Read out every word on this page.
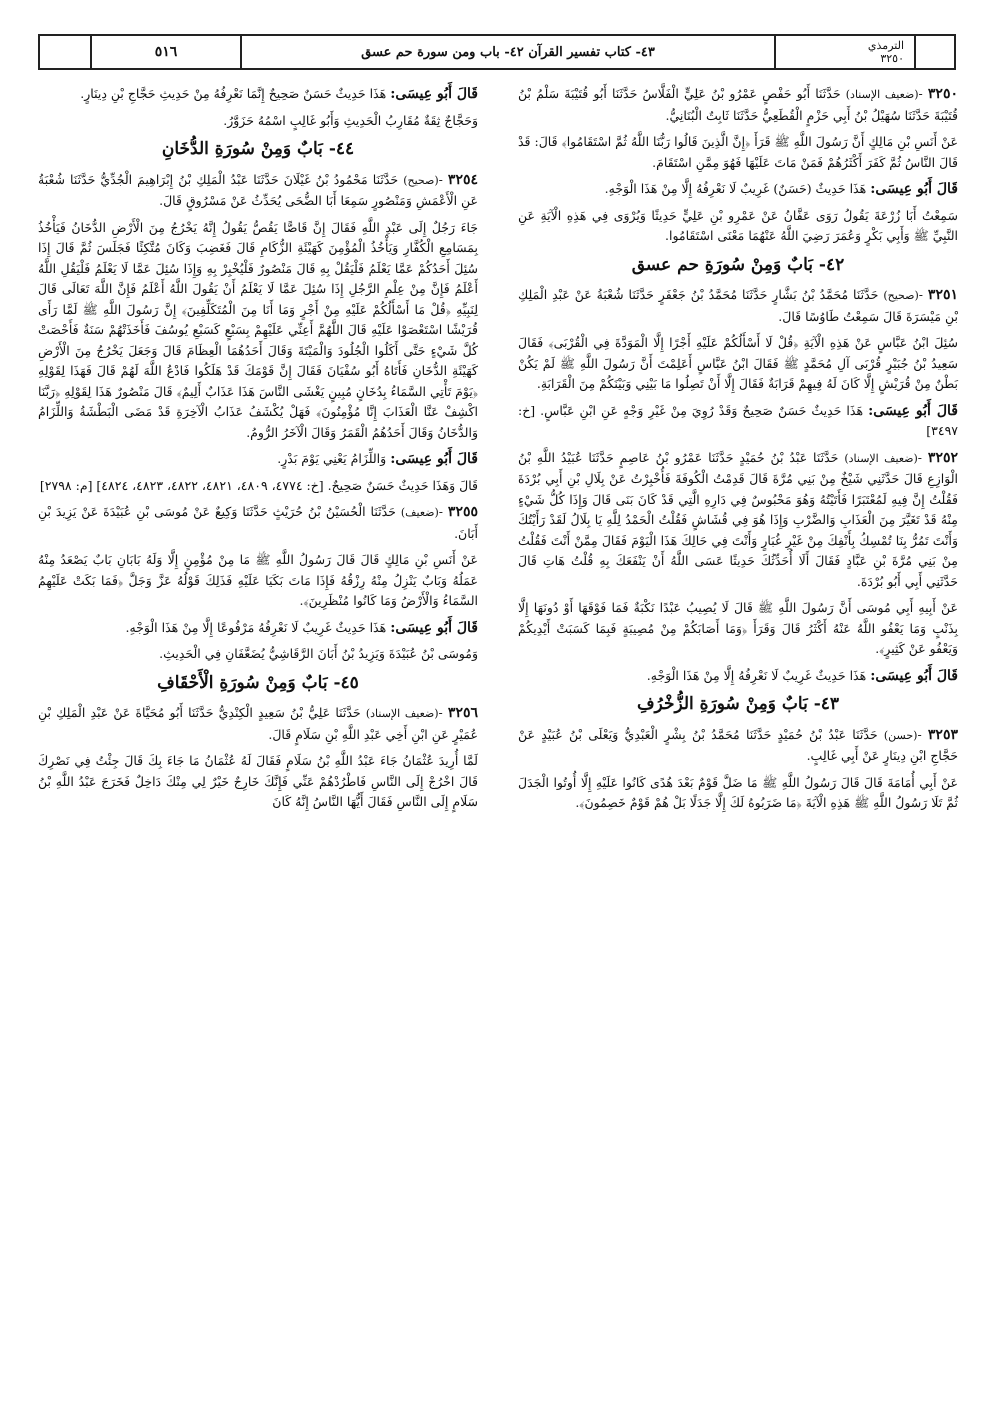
الترمذي
٣٢٥٠
٤٣- كتاب تفسير القرآن ٤٢- باب ومن سورة حم عسق
٥١٦

٣٢٥٠ -(ضعيف الإسناد) حَدَّثَنَا أَبُو حَفْصٍ عَمْرُو بْنُ عَلِيٍّ الْفَلَّاسُ حَدَّثَنَا أَبُو قُتَيْبَةَ سَلْمُ بْنُ قُتَيْبَةَ حَدَّثَنَا سُهَيْلُ بْنُ أَبِي حَزْمٍ الْقُطَعِيُّ حَدَّثَنَا ثَابِتٌ الْبُنَانِيُّ.

عَنْ أَنَسِ بْنِ مَالِكٍ أَنَّ رَسُولَ اللَّهِ ﷺ قَرَأَ ﴿إِنَّ الَّذِينَ قَالُوا رَبُّنَا اللَّهُ ثُمَّ اسْتَقَامُوا﴾ قَالَ: قَدْ قَالَ النَّاسُ ثُمَّ كَفَرَ أَكْثَرُهُمْ فَمَنْ مَاتَ عَلَيْهَا فَهُوَ مِمَّنِ اسْتَقَامَ.

قَالَ أَبُو عِيسَى: هَذَا حَدِيثٌ (حَسَنٌ) غَرِيبٌ لَا نَعْرِفُهُ إِلَّا مِنْ هَذَا الْوَجْهِ.

سَمِعْتُ أَبَا زُرْعَةَ يَقُولُ رَوَى عَفَّانُ عَنْ عَمْرِو بْنِ عَلِيٍّ حَدِيثًا وَيُرْوَى فِي هَذِهِ الْآيَةِ عَنِ النَّبِيِّ ﷺ وَأَبِي بَكْرٍ وَعُمَرَ رَضِيَ اللَّهُ عَنْهُمَا مَعْنَى اسْتَقَامُوا.

٤٢- بَابٌ وَمِنْ سُورَةِ حم عسق

٣٢٥١ -(صحيح) حَدَّثَنَا مُحَمَّدُ بْنُ بَشَّارٍ حَدَّثَنَا مُحَمَّدُ بْنُ جَعْفَرٍ حَدَّثَنَا شُعْبَةُ عَنْ عَبْدِ الْمَلِكِ بْنِ مَيْسَرَةَ قَالَ سَمِعْتُ طَاوُسًا قَالَ.

سُئِلَ ابْنُ عَبَّاسٍ عَنْ هَذِهِ الْآيَةِ ﴿قُلْ لَا أَسْأَلُكُمْ عَلَيْهِ أَجْرًا إِلَّا الْمَوَدَّةَ فِي الْقُرْبَى﴾ فَقَالَ سَعِيدُ بْنُ جُبَيْرٍ قُرْبَى آلِ مُحَمَّدٍ ﷺ فَقَالَ ابْنُ عَبَّاسٍ أَعَلِمْتَ أَنَّ رَسُولَ اللَّهِ ﷺ لَمْ يَكُنْ بَطْنٌ مِنْ قُرَيْشٍ إِلَّا كَانَ لَهُ فِيهِمْ قَرَابَةٌ فَقَالَ إِلَّا أَنْ تَصِلُوا مَا بَيْنِي وَبَيْنَكُمْ مِنَ الْقَرَابَةِ.

قَالَ أَبُو عِيسَى: هَذَا حَدِيثٌ حَسَنٌ صَحِيحٌ وَقَدْ رُوِيَ مِنْ غَيْرِ وَجْهٍ عَنِ ابْنِ عَبَّاسٍ. [خ: ٣٤٩٧]

٣٢٥٢ -(ضعيف الإسناد) حَدَّثَنَا عَبْدُ بْنُ حُمَيْدٍ حَدَّثَنَا عَمْرُو بْنُ عَاصِمٍ حَدَّثَنَا عُبَيْدُ اللَّهِ بْنُ الْوَازِعِ قَالَ حَدَّثَنِي شَيْخٌ مِنْ بَنِي مُرَّةَ قَالَ قَدِمْتُ الْكُوفَةَ فَأُخْبِرْتُ عَنْ بِلَالِ بْنِ أَبِي بُرْدَةَ فَقُلْتُ إِنَّ فِيهِ لَمُعْتَبَرًا فَأَتَيْتُهُ وَهُوَ مَحْبُوسٌ فِي دَارِهِ الَّتِي قَدْ كَانَ بَنَى قَالَ وَإِذَا كُلُّ شَيْءٍ مِنْهُ قَدْ تَغَيَّرَ مِنَ الْعَذَابِ وَالضَّرْبِ وَإِذَا هُوَ فِي قُشَاشٍ فَقُلْتُ الْحَمْدُ لِلَّهِ يَا بِلَالُ لَقَدْ رَأَيْتُكَ وَأَنْتَ تَمُرُّ بِنَا تُمْسِكُ بِأَنْفِكَ مِنْ غَيْرِ غُبَارٍ وَأَنْتَ فِي حَالِكَ هَذَا الْيَوْمَ فَقَالَ مِمَّنْ أَنْتَ فَقُلْتُ مِنْ بَنِي مُرَّةَ بْنِ عَبَّادٍ فَقَالَ أَلَا أُحَدِّثُكَ حَدِيثًا عَسَى اللَّهُ أَنْ يَنْفَعَكَ بِهِ قُلْتُ هَاتِ قَالَ حَدَّثَنِي أَبِي أَبُو بُرْدَةَ.

عَنْ أَبِيهِ أَبِي مُوسَى أَنَّ رَسُولَ اللَّهِ ﷺ قَالَ لَا يُصِيبُ عَبْدًا نَكْبَةٌ فَمَا فَوْقَهَا أَوْ دُونَهَا إِلَّا بِذَنْبٍ وَمَا يَعْفُو اللَّهُ عَنْهُ أَكْثَرُ قَالَ وَقَرَأَ ﴿وَمَا أَصَابَكُمْ مِنْ مُصِيبَةٍ فَبِمَا كَسَبَتْ أَيْدِيكُمْ وَيَعْفُو عَنْ كَثِيرٍ﴾.

قَالَ أَبُو عِيسَى: هَذَا حَدِيثٌ غَرِيبٌ لَا نَعْرِفُهُ إِلَّا مِنْ هَذَا الْوَجْهِ.

٤٣- بَابٌ وَمِنْ سُورَةِ الزُّخْرُفِ

٣٢٥٣ -(حسن) حَدَّثَنَا عَبْدُ بْنُ حُمَيْدٍ حَدَّثَنَا مُحَمَّدُ بْنُ بِشْرٍ الْعَبْدِيُّ وَيَعْلَى بْنُ عُبَيْدٍ عَنْ حَجَّاجِ ابْنِ دِينَارٍ عَنْ أَبِي غَالِبٍ.

عَنْ أَبِي أُمَامَةَ قَالَ قَالَ رَسُولُ اللَّهِ ﷺ مَا ضَلَّ قَوْمٌ بَعْدَ هُدًى كَانُوا عَلَيْهِ إِلَّا أُوتُوا الْجَدَلَ ثُمَّ تَلَا رَسُولُ اللَّهِ ﷺ هَذِهِ الْآيَةَ ﴿مَا ضَرَبُوهُ لَكَ إِلَّا جَدَلًا بَلْ هُمْ قَوْمٌ خَصِمُونَ﴾.

قَالَ أَبُو عِيسَى: هَذَا حَدِيثٌ حَسَنٌ صَحِيحٌ إِنَّمَا نَعْرِفُهُ مِنْ حَدِيثِ حَجَّاجِ بْنِ دِينَارٍ.

وَحَجَّاجٌ ثِقَةٌ مُقَارِبُ الْحَدِيثِ وَأَبُو غَالِبٍ اسْمُهُ حَزَوَّرُ.

٤٤- بَابٌ وَمِنْ سُورَةِ الدُّخَانِ

٣٢٥٤ -(صحيح) حَدَّثَنَا مَحْمُودُ بْنُ غَيْلَانَ حَدَّثَنَا عَبْدُ الْمَلِكِ بْنُ إِبْرَاهِيمَ الْجُدِّيُّ حَدَّثَنَا شُعْبَةُ عَنِ الْأَعْمَشِ وَمَنْصُورٍ سَمِعَا أَبَا الضُّحَى يُحَدِّثُ عَنْ مَسْرُوقٍ قَالَ.

جَاءَ رَجُلٌ إِلَى عَبْدِ اللَّهِ فَقَالَ إِنَّ قَاصًّا يَقُصُّ يَقُولُ إِنَّهُ يَخْرُجُ مِنَ الْأَرْضِ الدُّخَانُ فَيَأْخُذُ بِمَسَامِعِ الْكُفَّارِ وَيَأْخُذُ الْمُؤْمِنَ كَهَيْئَةِ الزُّكَامِ قَالَ فَغَضِبَ وَكَانَ مُتَّكِئًا فَجَلَسَ ثُمَّ قَالَ إِذَا سُئِلَ أَحَدُكُمْ عَمَّا يَعْلَمُ فَلْيَقُلْ بِهِ قَالَ مَنْصُورٌ فَلْيُخْبِرْ بِهِ وَإِذَا سُئِلَ عَمَّا لَا يَعْلَمُ فَلْيَقُلِ اللَّهُ أَعْلَمُ فَإِنَّ مِنْ عِلْمِ الرَّجُلِ إِذَا سُئِلَ عَمَّا لَا يَعْلَمُ أَنْ يَقُولَ اللَّهُ أَعْلَمُ فَإِنَّ اللَّهَ تَعَالَى قَالَ لِنَبِيِّهِ ﴿قُلْ مَا أَسْأَلُكُمْ عَلَيْهِ مِنْ أَجْرٍ وَمَا أَنَا مِنَ الْمُتَكَلِّفِينَ﴾ إِنَّ رَسُولَ اللَّهِ ﷺ لَمَّا رَأَى قُرَيْشًا اسْتَعْصَوْا عَلَيْهِ قَالَ اللَّهُمَّ أَعِنِّي عَلَيْهِمْ بِسَبْعٍ كَسَبْعِ يُوسُفَ فَأَخَذَتْهُمْ سَنَةٌ فَأَحْصَتْ كُلَّ شَيْءٍ حَتَّى أَكَلُوا الْجُلُودَ وَالْمَيْتَةَ وَقَالَ أَحَدُهُمَا الْعِظَامَ قَالَ وَجَعَلَ يَخْرُجُ مِنَ الْأَرْضِ كَهَيْئَةِ الدُّخَانِ فَأَتَاهُ أَبُو سُفْيَانَ فَقَالَ إِنَّ قَوْمَكَ قَدْ هَلَكُوا فَادْعُ اللَّهَ لَهُمْ قَالَ فَهَذَا لِقَوْلِهِ ﴿يَوْمَ تَأْتِي السَّمَاءُ بِدُخَانٍ مُبِينٍ يَغْشَى النَّاسَ هَذَا عَذَابٌ أَلِيمٌ﴾ قَالَ مَنْصُورٌ هَذَا لِقَوْلِهِ ﴿رَبَّنَا اكْشِفْ عَنَّا الْعَذَابَ إِنَّا مُؤْمِنُونَ﴾ فَهَلْ يُكْشَفُ عَذَابُ الْآخِرَةِ قَدْ مَضَى الْبَطْشَةُ وَاللِّزَامُ وَالدُّخَانُ وَقَالَ أَحَدُهُمُ الْقَمَرُ وَقَالَ الْآخَرُ الرُّومُ.

قَالَ أَبُو عِيسَى: وَاللِّزَامُ يَعْنِي يَوْمَ بَدْرٍ.

قَالَ وَهَذَا حَدِيثٌ حَسَنٌ صَحِيحٌ. [خ: ٤٧٧٤، ٤٨٠٩، ٤٨٢١، ٤٨٢٢، ٤٨٢٣، ٤٨٢٤] [م: ٢٧٩٨]

٣٢٥٥ -(ضعيف) حَدَّثَنَا الْحُسَيْنُ بْنُ حُرَيْثٍ حَدَّثَنَا وَكِيعٌ عَنْ مُوسَى بْنِ عُبَيْدَةَ عَنْ يَزِيدَ بْنِ أَبَانَ.

عَنْ أَنَسِ بْنِ مَالِكٍ قَالَ قَالَ رَسُولُ اللَّهِ ﷺ مَا مِنْ مُؤْمِنٍ إِلَّا وَلَهُ بَابَانِ بَابٌ يَصْعَدُ مِنْهُ عَمَلُهُ وَبَابٌ يَنْزِلُ مِنْهُ رِزْقُهُ فَإِذَا مَاتَ بَكَيَا عَلَيْهِ فَذَلِكَ قَوْلُهُ عَزَّ وَجَلَّ ﴿فَمَا بَكَتْ عَلَيْهِمُ السَّمَاءُ وَالْأَرْضُ وَمَا كَانُوا مُنْظَرِينَ﴾.

قَالَ أَبُو عِيسَى: هَذَا حَدِيثٌ غَرِيبٌ لَا نَعْرِفُهُ مَرْفُوعًا إِلَّا مِنْ هَذَا الْوَجْهِ.

وَمُوسَى بْنُ عُبَيْدَةَ وَيَزِيدُ بْنُ أَبَانَ الرَّقَاشِيُّ يُضَعَّفَانِ فِي الْحَدِيثِ.

٤٥- بَابٌ وَمِنْ سُورَةِ الْأَحْقَافِ

٣٢٥٦ -(ضعيف الإسناد) حَدَّثَنَا عَلِيُّ بْنُ سَعِيدٍ الْكِنْدِيُّ حَدَّثَنَا أَبُو مُحَيَّاةَ عَنْ عَبْدِ الْمَلِكِ بْنِ عُمَيْرٍ عَنِ ابْنِ أَخِي عَبْدِ اللَّهِ بْنِ سَلَامٍ قَالَ.

لَمَّا أُرِيدَ عُثْمَانُ جَاءَ عَبْدُ اللَّهِ بْنُ سَلَامٍ فَقَالَ لَهُ عُثْمَانُ مَا جَاءَ بِكَ قَالَ جِئْتُ فِي نَصْرِكَ قَالَ اخْرُجْ إِلَى النَّاسِ فَاطْرُدْهُمْ عَنِّي فَإِنَّكَ خَارِجٌ خَيْرٌ لِي مِنْكَ دَاخِلٌ فَخَرَجَ عَبْدُ اللَّهِ بْنُ سَلَامٍ إِلَى النَّاسِ فَقَالَ أَيُّهَا النَّاسُ إِنَّهُ كَانَ
